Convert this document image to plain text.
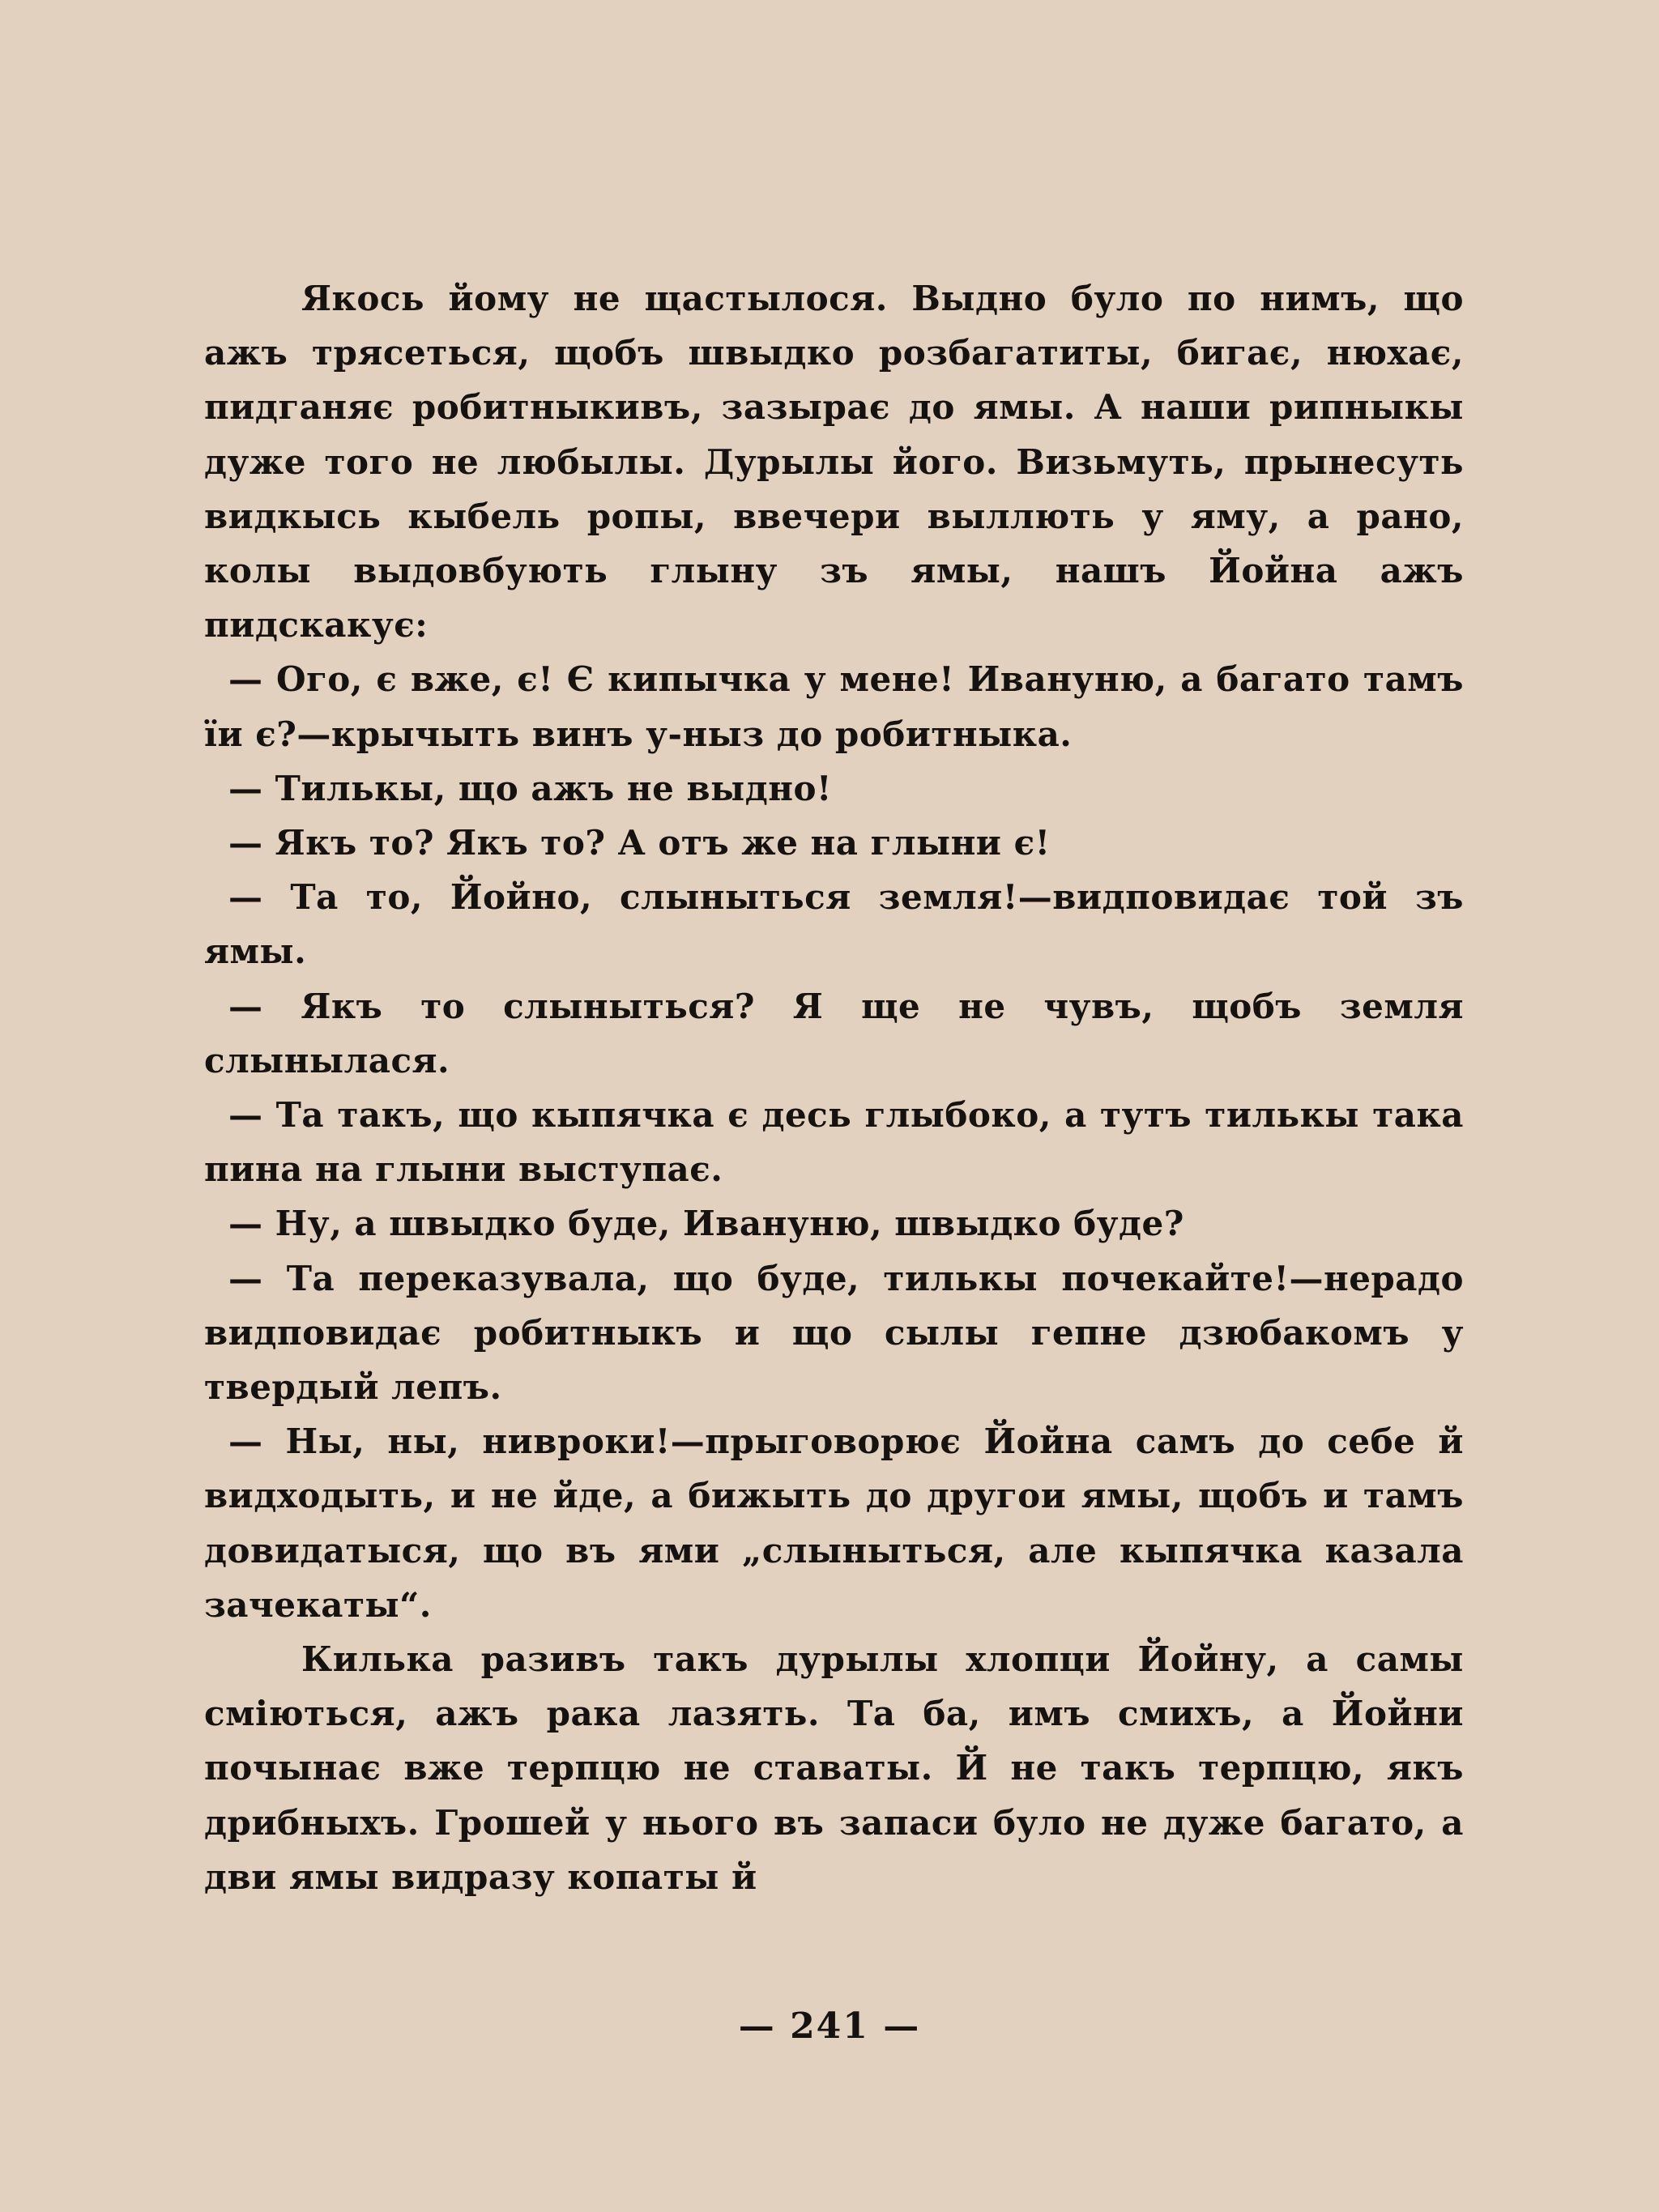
Якось йому не щастылося. Выдно було по нимъ, що ажъ трясеться, щобъ швыдко розбагатиты, бигає, нюхає, пидганяє робитныкивъ, зазырає до ямы. А наши рипныкы дуже того не любылы. Дурылы його. Визьмуть, прынесуть видкысь кыбель ропы, ввечери выллють у яму, а рано, колы выдовбують глыну зъ ямы, нашъ Йойна ажъ пидскакує:

— Ого, є вже, є! Є кипычка у мене! Ивануню, а багато тамъ ïи є?—крычыть винъ у-ныз до робитныка.

— Тилькы, що ажъ не выдно!

— Якъ то? Якъ то? А отъ же на глыни є!

— Та то, Йойно, слыныться земля!—видповидає той зъ ямы.

— Якъ то слыныться? Я ще не чувъ, щобъ земля слынылася.

— Та такъ, що кыпячка є десь глыбоко, а тутъ тилькы така пина на глыни выступає.

— Ну, а швыдко буде, Ивануню, швыдко буде?

— Та переказувала, що буде, тилькы почекайте!—нерадо видповидає робитныкъ и що сылы гепне дзюбакомъ у твердый лепъ.

— Ны, ны, нивроки!—прыговорює Йойна самъ до себе й видходыть, и не йде, а бижыть до другои ямы, щобъ и тамъ довидатыся, що въ ями „слыныться, але кыпячка казала зачекаты“.

Килька разивъ такъ дурылы хлопци Йойну, а самы сміються, ажъ рака лазять. Та ба, имъ смихъ, а Йойни почынає вже терпцю не ставаты. Й не такъ терпцю, якъ дрибныхъ. Грошей у нього въ запаси було не дуже багато, а дви ямы видразу копаты й

— 241 —
